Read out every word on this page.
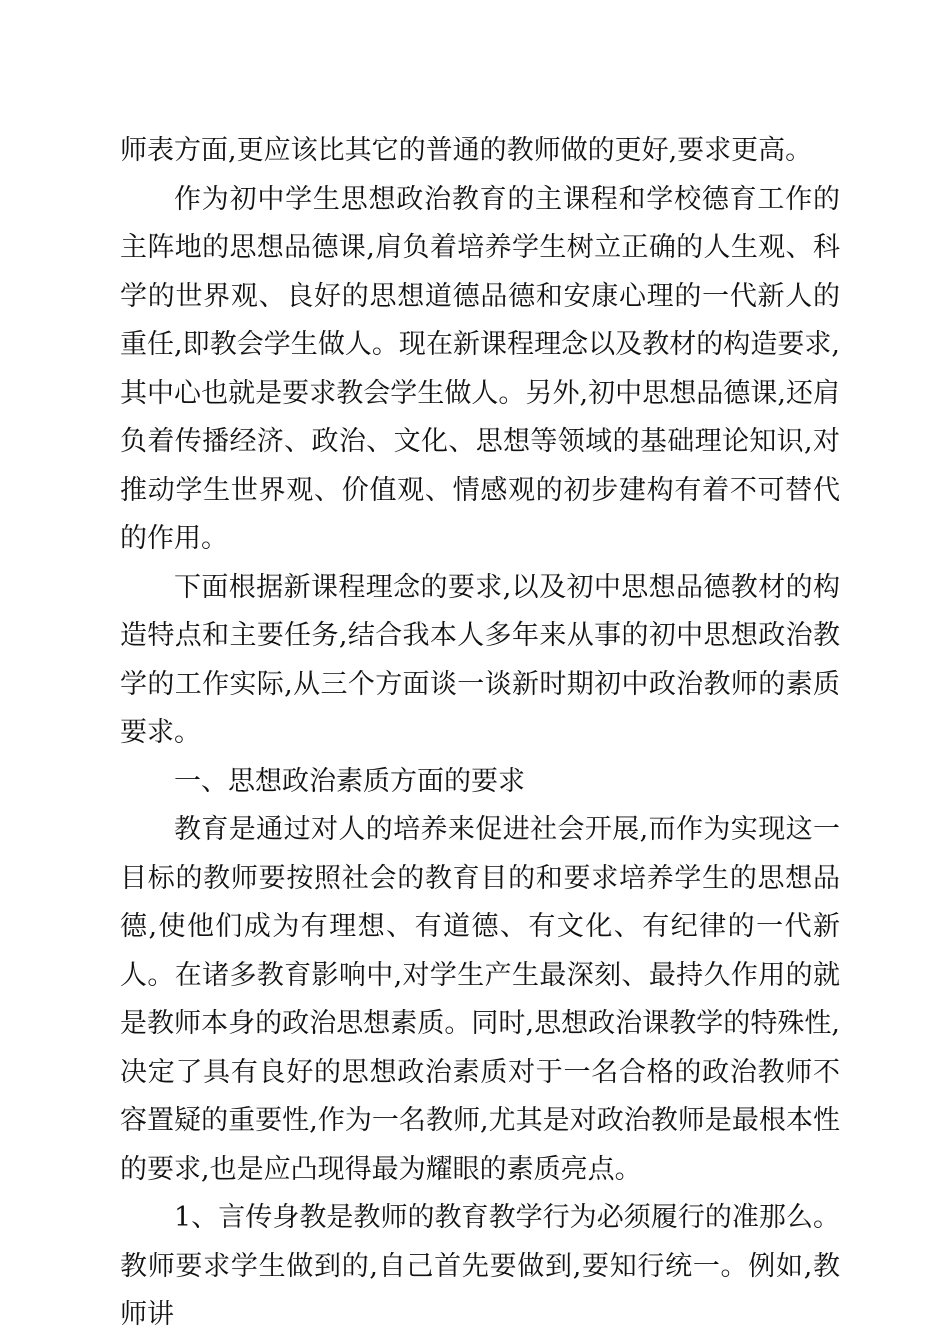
师表方面,更应该比其它的普通的教师做的更好,要求更高。

作为初中学生思想政治教育的主课程和学校德育工作的主阵地的思想品德课,肩负着培养学生树立正确的人生观、科学的世界观、良好的思想道德品德和安康心理的一代新人的重任,即教会学生做人。现在新课程理念以及教材的构造要求,其中心也就是要求教会学生做人。另外,初中思想品德课,还肩负着传播经济、政治、文化、思想等领域的基础理论知识,对推动学生世界观、价值观、情感观的初步建构有着不可替代的作用。

下面根据新课程理念的要求,以及初中思想品德教材的构造特点和主要任务,结合我本人多年来从事的初中思想政治教学的工作实际,从三个方面谈一谈新时期初中政治教师的素质要求。

一、思想政治素质方面的要求

教育是通过对人的培养来促进社会开展,而作为实现这一目标的教师要按照社会的教育目的和要求培养学生的思想品德,使他们成为有理想、有道德、有文化、有纪律的一代新人。在诸多教育影响中,对学生产生最深刻、最持久作用的就是教师本身的政治思想素质。同时,思想政治课教学的特殊性,决定了具有良好的思想政治素质对于一名合格的政治教师不容置疑的重要性,作为一名教师,尤其是对政治教师是最根本性的要求,也是应凸现得最为耀眼的素质亮点。

1、言传身教是教师的教育教学行为必须履行的准那么。教师要求学生做到的,自己首先要做到,要知行统一。例如,教师讲
